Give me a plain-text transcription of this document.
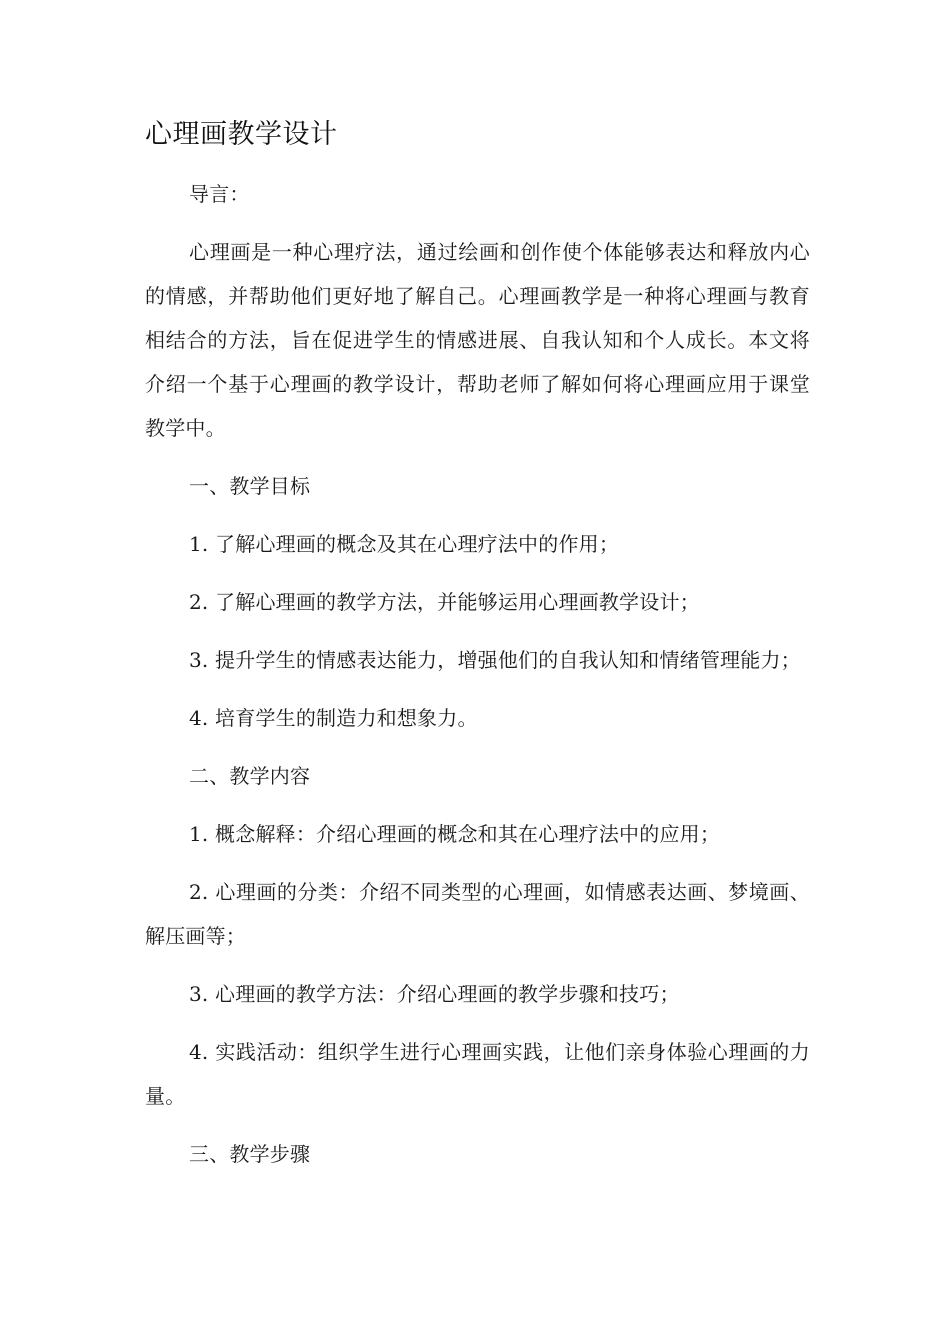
心理画教学设计

导言：

心理画是一种心理疗法，通过绘画和创作使个体能够表达和释放内心的情感，并帮助他们更好地了解自己。心理画教学是一种将心理画与教育相结合的方法，旨在促进学生的情感进展、自我认知和个人成长。本文将介绍一个基于心理画的教学设计，帮助老师了解如何将心理画应用于课堂教学中。

一、教学目标

1. 了解心理画的概念及其在心理疗法中的作用；

2. 了解心理画的教学方法，并能够运用心理画教学设计；

3. 提升学生的情感表达能力，增强他们的自我认知和情绪管理能力；

4. 培育学生的制造力和想象力。

二、教学内容

1. 概念解释：介绍心理画的概念和其在心理疗法中的应用；

2. 心理画的分类：介绍不同类型的心理画，如情感表达画、梦境画、解压画等；

3. 心理画的教学方法：介绍心理画的教学步骤和技巧；

4. 实践活动：组织学生进行心理画实践，让他们亲身体验心理画的力量。

三、教学步骤
